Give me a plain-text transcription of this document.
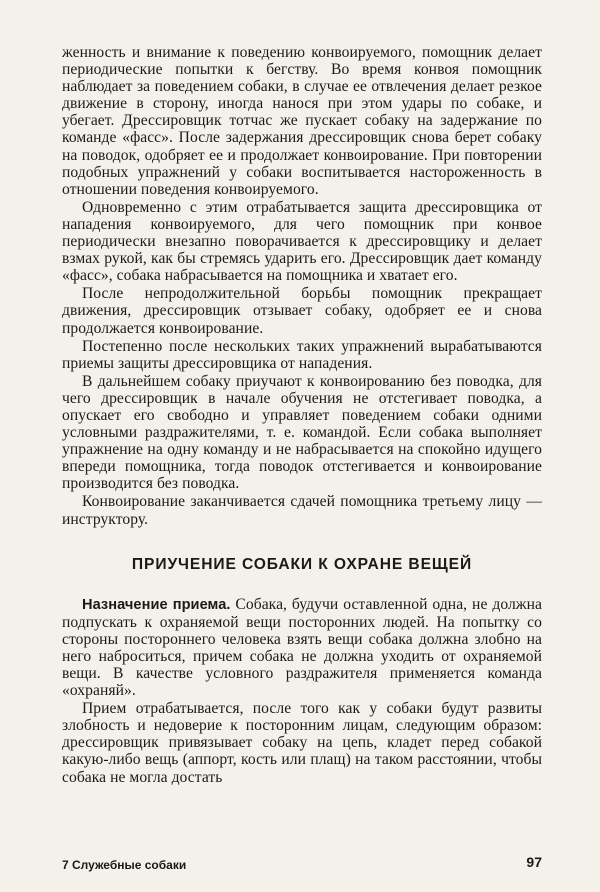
женность и внимание к поведению конвоируемого, помощник делает периодические попытки к бегству. Во время конвоя помощник наблюдает за поведением собаки, в случае ее отвлечения делает резкое движение в сторону, иногда нанося при этом удары по собаке, и убегает. Дрессировщик тотчас же пускает собаку на задержание по команде «фасс». После задержания дрессировщик снова берет собаку на поводок, одобряет ее и продолжает конвоирование. При повторении подобных упражнений у собаки воспитывается настороженность в отношении поведения конвоируемого.

Одновременно с этим отрабатывается защита дрессировщика от нападения конвоируемого, для чего помощник при конвое периодически внезапно поворачивается к дрессировщику и делает взмах рукой, как бы стремясь ударить его. Дрессировщик дает команду «фасс», собака набрасывается на помощника и хватает его.

После непродолжительной борьбы помощник прекращает движения, дрессировщик отзывает собаку, одобряет ее и снова продолжается конвоирование.

Постепенно после нескольких таких упражнений вырабатываются приемы защиты дрессировщика от нападения.

В дальнейшем собаку приучают к конвоированию без поводка, для чего дрессировщик в начале обучения не отстегивает поводка, а опускает его свободно и управляет поведением собаки одними условными раздражителями, т. е. командой. Если собака выполняет упражнение на одну команду и не набрасывается на спокойно идущего впереди помощника, тогда поводок отстегивается и конвоирование производится без поводка.

Конвоирование заканчивается сдачей помощника третьему лицу — инструктору.

ПРИУЧЕНИЕ СОБАКИ К ОХРАНЕ ВЕЩЕЙ

Назначение приема. Собака, будучи оставленной одна, не должна подпускать к охраняемой вещи посторонних людей. На попытку со стороны постороннего человека взять вещи собака должна злобно на него наброситься, причем собака не должна уходить от охраняемой вещи. В качестве условного раздражителя применяется команда «охраняй».

Прием отрабатывается, после того как у собаки будут развиты злобность и недоверие к посторонним лицам, следующим образом: дрессировщик привязывает собаку на цепь, кладет перед собакой какую-либо вещь (аппорт, кость или плащ) на таком расстоянии, чтобы собака не могла достать

7 Служебные собаки	97
